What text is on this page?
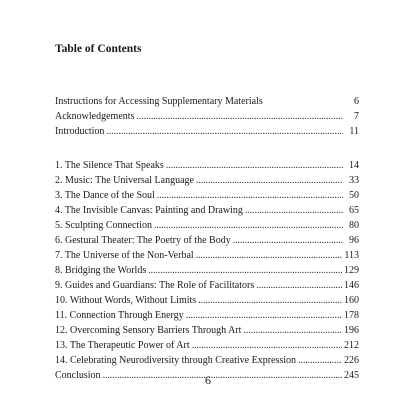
Table of Contents
Instructions for Accessing Supplementary Materials	6
Acknowledgements . . .	7
Introduction . . .	11
1. The Silence That Speaks . . .	14
2. Music: The Universal Language . . .	33
3. The Dance of the Soul . . .	50
4. The Invisible Canvas: Painting and Drawing . . .	65
5. Sculpting Connection . . .	80
6. Gestural Theater: The Poetry of the Body . . .	96
7. The Universe of the Non-Verbal . . .	113
8. Bridging the Worlds . . .	129
9. Guides and Guardians: The Role of Facilitators . . .	146
10. Without Words, Without Limits . . .	160
11. Connection Through Energy . . .	178
12. Overcoming Sensory Barriers Through Art . . .	196
13. The Therapeutic Power of Art . . .	212
14. Celebrating Neurodiversity through Creative Expression . . .	226
Conclusion . . .	245
6
